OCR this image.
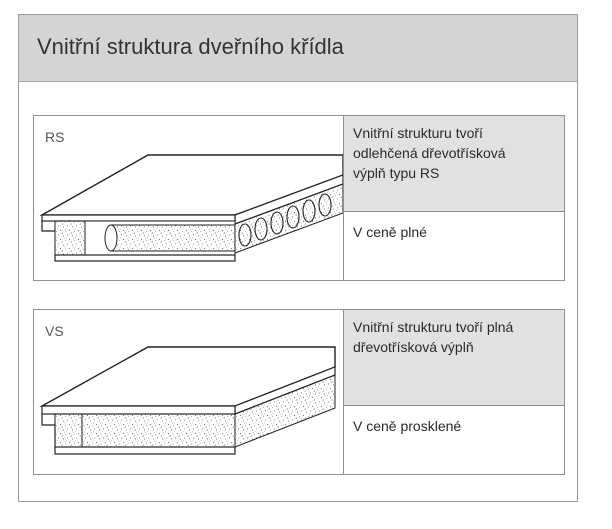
Vnitřní struktura dveřního křídla
RS	Vnitřní strukturu tvoří
odlehčená dřevotřísková
výplň typu RS
V ceně plné
VS	Vnitřní strukturu tvoří plná
dřevotřísková výplň
V ceně prosklené
